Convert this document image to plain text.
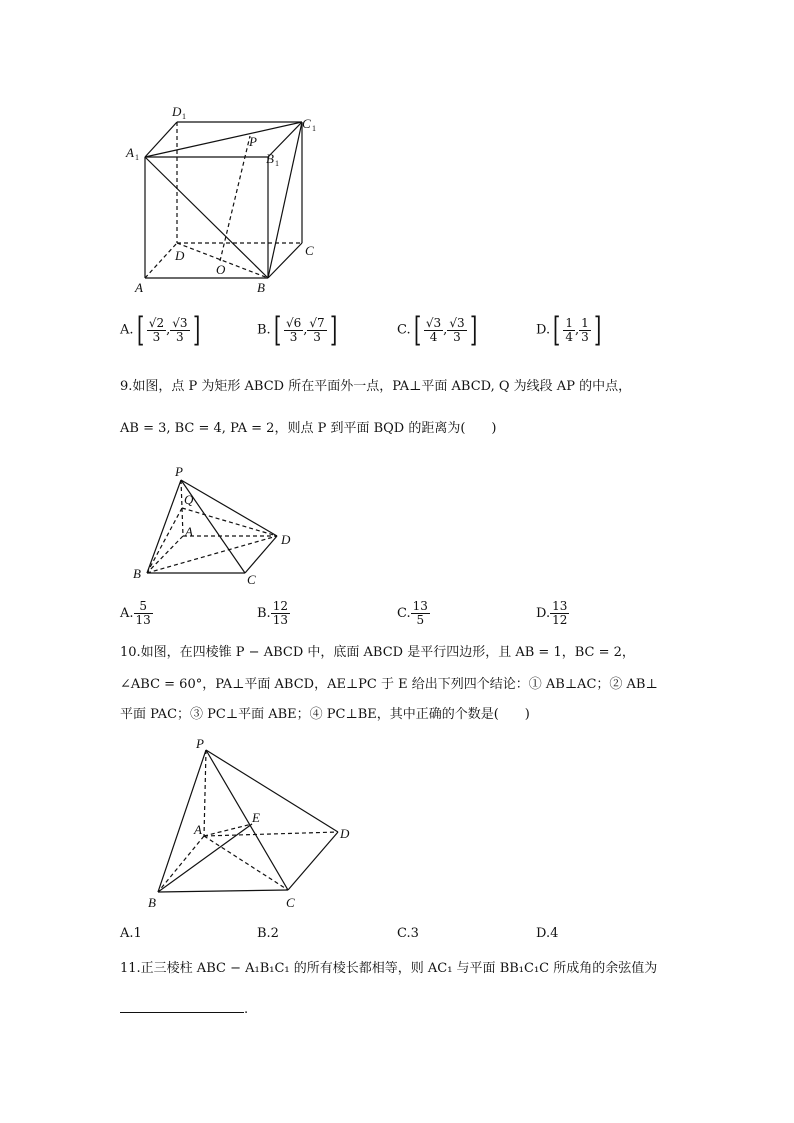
D 1	C 1
A 1	B 1
P
D	C
O
A	B
$A.[ \frac{√2}{3}$ , $\frac{√3}{3}$ ]	$B.[ \frac{√6}{3}$ , $\frac{√7}{3}$ ]	$C.[ \frac{√3}{4}$ , $\frac{√3}{3}$ ]	$D.[ \frac{1}{4}$ , $\frac{1}{3}$ ]
9.如图，点 P 为矩形 ABCD 所在平面外一点，PA⊥平面 ABCD, Q 为线段 AP 的中点，
AB = 3, BC = 4, PA = 2，则点 P 到平面 BQD 的距离为(　　)
P
Q
A
D
B	C
A. $\frac{5}{13}$	B. $\frac{12}{13}$	C. $\frac{13}{5}$	D. $\frac{13}{12}$
10.如图，在四棱锥 P − ABCD 中，底面 ABCD 是平行四边形，且 AB = 1，BC = 2，
∠ABC = 60°，PA⊥平面 ABCD，AE⊥PC 于 E 给出下列四个结论：① AB⊥AC；② AB⊥
平面 PAC；③ PC⊥平面 ABE；④ PC⊥BE，其中正确的个数是(　　)
P
A
E
D
B	C
A.1	B.2	C.3	D.4
11.正三棱柱 ABC − A₁B₁C₁ 的所有棱长都相等，则 AC₁ 与平面 BB₁C₁C 所成角的余弦值为
.
